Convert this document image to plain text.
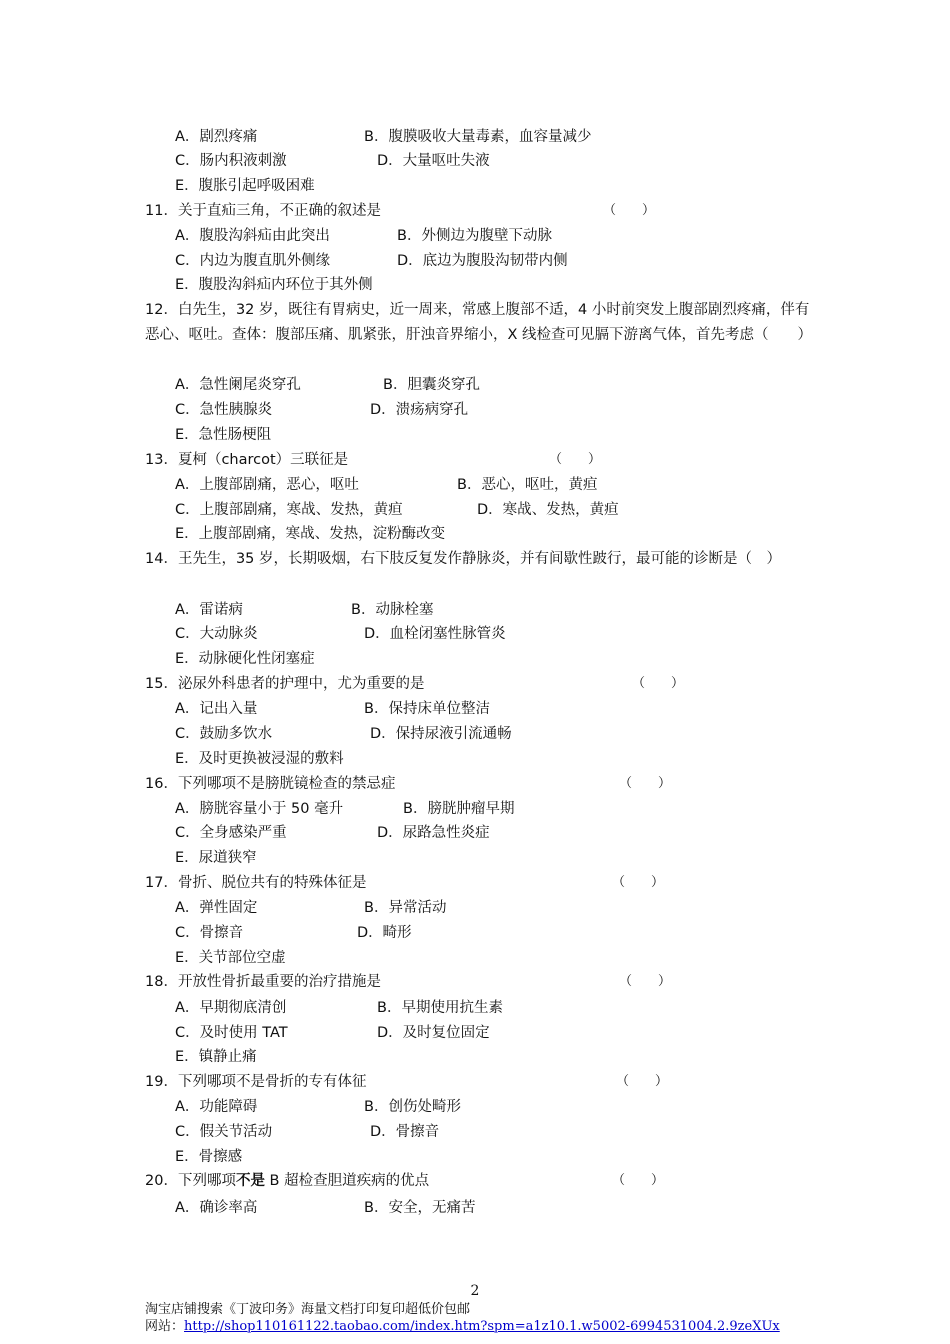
A．剧烈疼痛	B．腹膜吸收大量毒素，血容量减少
C．肠内积液刺激	D．大量呕吐失液
E．腹胀引起呼吸困难
11．关于直疝三角，不正确的叙述是	（　　）
A．腹股沟斜疝由此突出	B．外侧边为腹壁下动脉
C．内边为腹直肌外侧缘	D．底边为腹股沟韧带内侧
E．腹股沟斜疝内环位于其外侧
12．白先生，32 岁，既往有胃病史，近一周来，常感上腹部不适，4 小时前突发上腹部剧烈疼痛，伴有恶心、呕吐。查体：腹部压痛、肌紧张，肝浊音界缩小，X 线检查可见膈下游离气体，首先考虑（　　）
A．急性阑尾炎穿孔	B．胆囊炎穿孔
C．急性胰腺炎	D．溃疡病穿孔
E．急性肠梗阻
13．夏柯（charcot）三联征是	（　　）
A．上腹部剧痛，恶心，呕吐	B．恶心，呕吐，黄疸
C．上腹部剧痛，寒战、发热，黄疸	D．寒战、发热，黄疸
E．上腹部剧痛，寒战、发热，淀粉酶改变
14．王先生，35 岁，长期吸烟，右下肢反复发作静脉炎，并有间歇性跛行，最可能的诊断是（　）
A．雷诺病	B．动脉栓塞
C．大动脉炎	D．血栓闭塞性脉管炎
E．动脉硬化性闭塞症
15．泌尿外科患者的护理中，尤为重要的是	（　　）
A．记出入量	B．保持床单位整洁
C．鼓励多饮水	D．保持尿液引流通畅
E．及时更换被浸湿的敷料
16．下列哪项不是膀胱镜检查的禁忌症	（　　）
A．膀胱容量小于 50 毫升	B．膀胱肿瘤早期
C．全身感染严重	D．尿路急性炎症
E．尿道狭窄
17．骨折、脱位共有的特殊体征是	（　　）
A．弹性固定	B．异常活动
C．骨擦音	D．畸形
E．关节部位空虚
18．开放性骨折最重要的治疗措施是	（　　）
A．早期彻底清创	B．早期使用抗生素
C．及时使用 TAT	D．及时复位固定
E．镇静止痛
19．下列哪项不是骨折的专有体征	（　　）
A．功能障碍	B．创伤处畸形
C．假关节活动	D．骨擦音
E．骨擦感
20．下列哪项不是 B 超检查胆道疾病的优点	（　　）
A．确诊率高	B．安全，无痛苦
2
淘宝店铺搜索《丁波印务》海量文档打印复印超低价包邮
网站：http://shop110161122.taobao.com/index.htm?spm=a1z10.1.w5002-6994531004.2.9zeXUx
